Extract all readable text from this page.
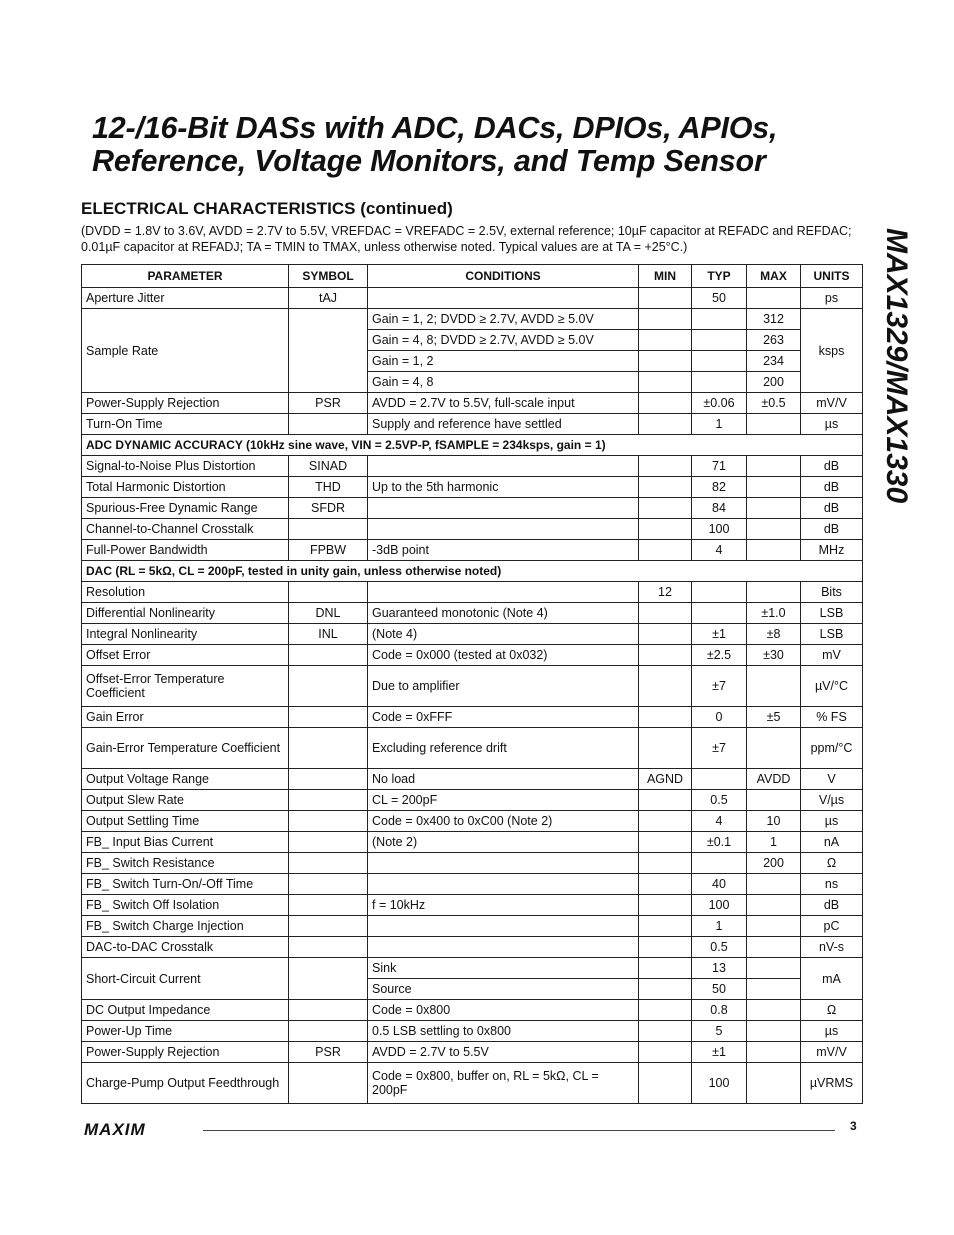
12-/16-Bit DASs with ADC, DACs, DPIOs, APIOs,
Reference, Voltage Monitors, and Temp Sensor
MAX1329/MAX1330
ELECTRICAL CHARACTERISTICS (continued)

(DVDD = 1.8V to 3.6V, AVDD = 2.7V to 5.5V, VREFDAC = VREFADC = 2.5V, external reference; 10µF capacitor at REFADC and REFDAC; 0.01µF capacitor at REFADJ; TA = TMIN to TMAX, unless otherwise noted. Typical values are at TA = +25°C.)

PARAMETER	SYMBOL	CONDITIONS	MIN	TYP	MAX	UNITS
Aperture Jitter	tAJ			50		ps
Sample Rate		Gain = 1, 2; DVDD ≥ 2.7V, AVDD ≥ 5.0V			312	ksps
		Gain = 4, 8; DVDD ≥ 2.7V, AVDD ≥ 5.0V			263	
		Gain = 1, 2			234	
		Gain = 4, 8			200	
Power-Supply Rejection	PSR	AVDD = 2.7V to 5.5V, full-scale input		±0.06	±0.5	mV/V
Turn-On Time		Supply and reference have settled		1		µs
ADC DYNAMIC ACCURACY (10kHz sine wave, VIN = 2.5VP-P, fSAMPLE = 234ksps, gain = 1)						
Signal-to-Noise Plus Distortion	SINAD			71		dB
Total Harmonic Distortion	THD	Up to the 5th harmonic		82		dB
Spurious-Free Dynamic Range	SFDR			84		dB
Channel-to-Channel Crosstalk				100		dB
Full-Power Bandwidth	FPBW	-3dB point		4		MHz
DAC (RL = 5kΩ, CL = 200pF, tested in unity gain, unless otherwise noted)						
Resolution			12			Bits
Differential Nonlinearity	DNL	Guaranteed monotonic (Note 4)			±1.0	LSB
Integral Nonlinearity	INL	(Note 4)		±1	±8	LSB
Offset Error		Code = 0x000 (tested at 0x032)		±2.5	±30	mV
Offset-Error Temperature Coefficient		Due to amplifier		±7		µV/°C
Gain Error		Code = 0xFFF		0	±5	% FS
Gain-Error Temperature Coefficient		Excluding reference drift		±7		ppm/°C
Output Voltage Range		No load	AGND		AVDD	V
Output Slew Rate		CL = 200pF		0.5		V/µs
Output Settling Time		Code = 0x400 to 0xC00 (Note 2)		4	10	µs
FB_ Input Bias Current		(Note 2)		±0.1	1	nA
FB_ Switch Resistance					200	Ω
FB_ Switch Turn-On/-Off Time				40		ns
FB_ Switch Off Isolation		f = 10kHz		100		dB
FB_ Switch Charge Injection				1		pC
DAC-to-DAC Crosstalk				0.5		nV-s
Short-Circuit Current		Sink		13		mA
		Source		50		
DC Output Impedance		Code = 0x800		0.8		Ω
Power-Up Time		0.5 LSB settling to 0x800		5		µs
Power-Supply Rejection	PSR	AVDD = 2.7V to 5.5V		±1		mV/V
Charge-Pump Output Feedthrough		Code = 0x800, buffer on, RL = 5kΩ, CL = 200pF		100		µVRMS
MAXIM	3
